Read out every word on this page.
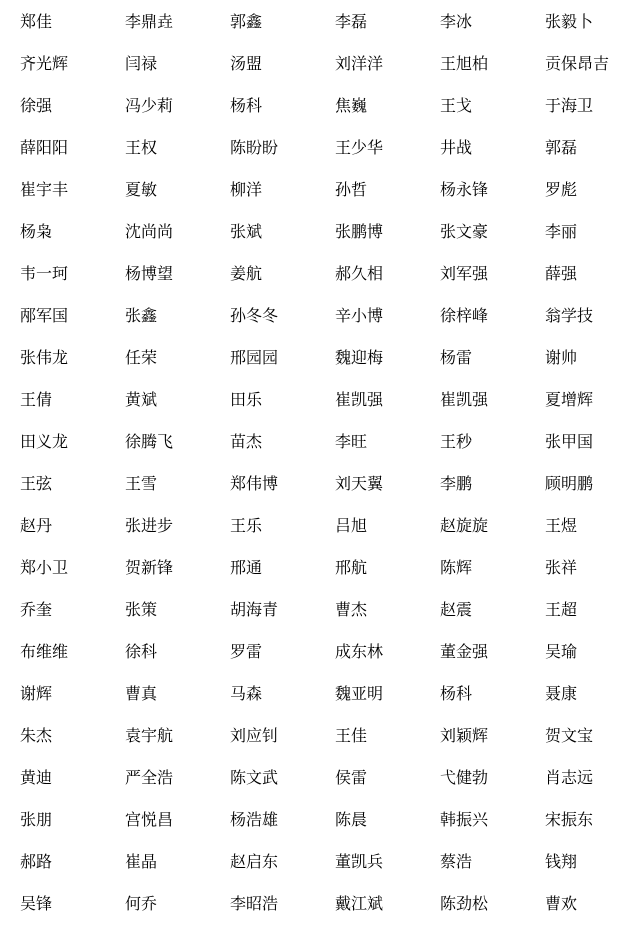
郑佳	李鼎垚	郭鑫	李磊	李冰	张毅卜
齐光辉	闫禄	汤盟	刘洋洋	王旭柏	贡保昂吉
徐强	冯少莉	杨科	焦巍	王戈	于海卫
薛阳阳	王权	陈盼盼	王少华	井战	郭磊
崔宇丰	夏敏	柳洋	孙哲	杨永锋	罗彪
杨枭	沈尚尚	张斌	张鹏博	张文豪	李丽
韦一珂	杨博望	姜航	郝久相	刘军强	薛强
邴军国	张鑫	孙冬冬	辛小博	徐梓峰	翁学技
张伟龙	任荣	邢园园	魏迎梅	杨雷	谢帅
王倩	黄斌	田乐	崔凯强	崔凯强	夏增辉
田义龙	徐腾飞	苗杰	李旺	王秒	张甲国
王弦	王雪	郑伟博	刘天翼	李鹏	顾明鹏
赵丹	张进步	王乐	吕旭	赵旋旋	王煜
郑小卫	贺新锋	邢通	邢航	陈辉	张祥
乔奎	张策	胡海青	曹杰	赵震	王超
布维维	徐科	罗雷	成东林	董金强	吴瑜
谢辉	曹真	马森	魏亚明	杨科	聂康
朱杰	袁宇航	刘应钊	王佳	刘颖辉	贺文宝
黄迪	严全浩	陈文武	侯雷	弋健勃	肖志远
张朋	宫悦昌	杨浩雄	陈晨	韩振兴	宋振东
郝路	崔晶	赵启东	董凯兵	蔡浩	钱翔
吴锋	何乔	李昭浩	戴江斌	陈劲松	曹欢
